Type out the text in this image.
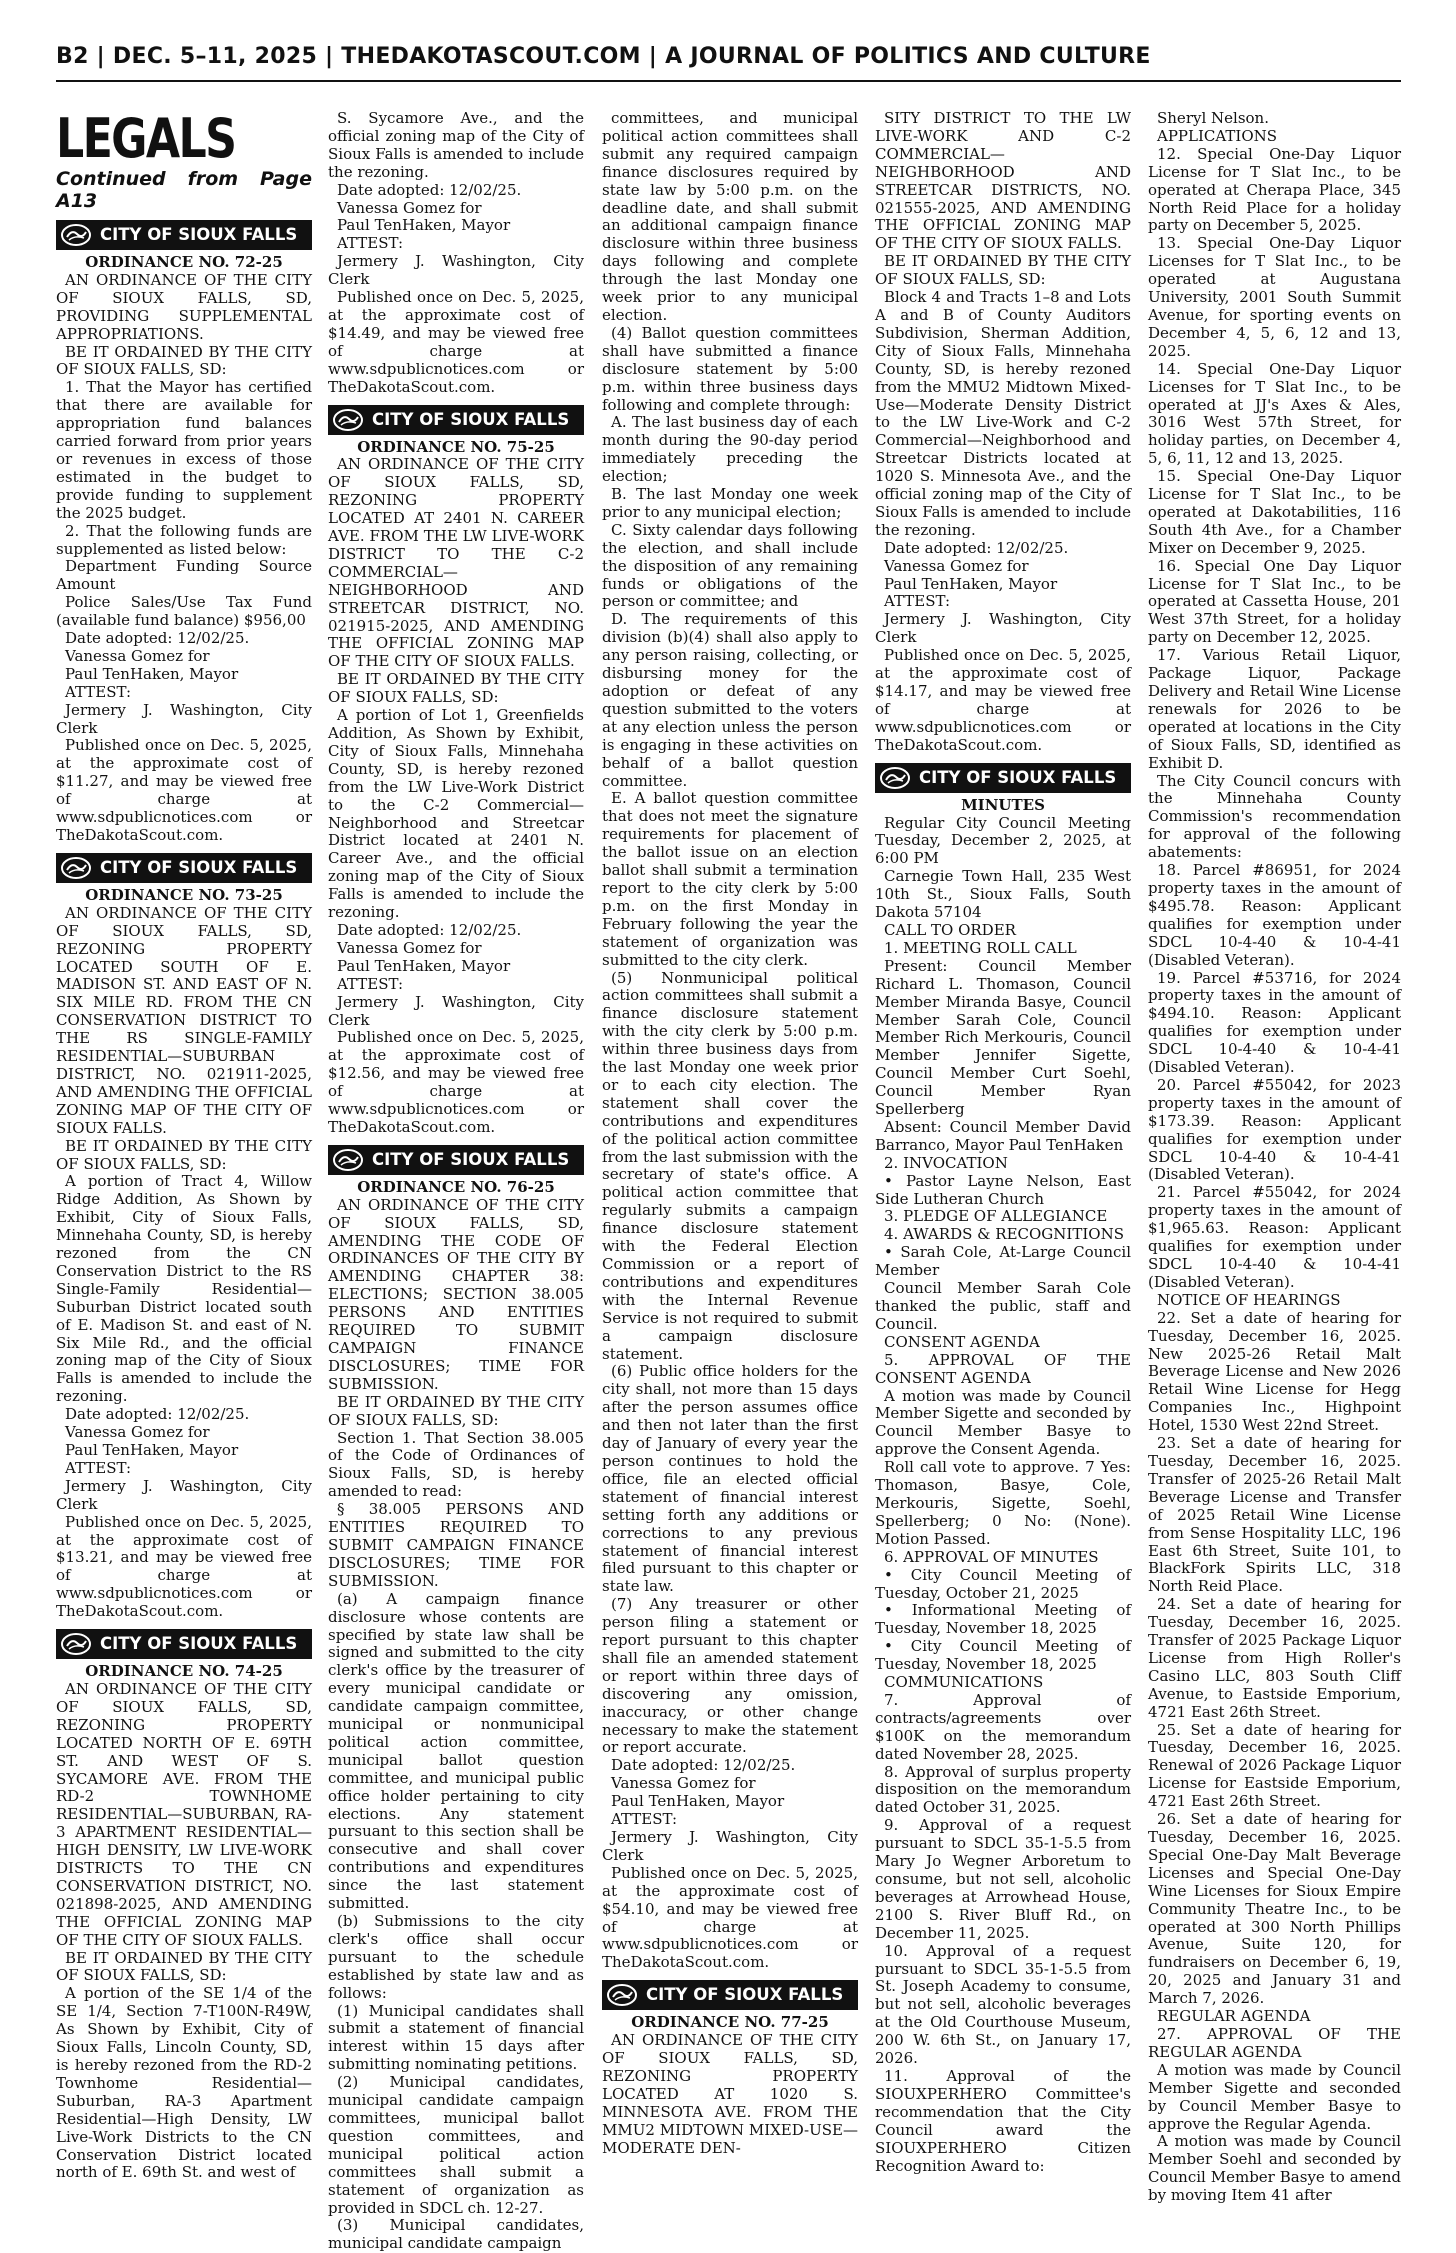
B2 | DEC. 5–11, 2025 | THEDAKOTASCOUT.COM | A JOURNAL OF POLITICS AND CULTURE
LEGALS
Continued from Page A13
CITY OF SIOUX FALLS
ORDINANCE NO. 72-25

AN ORDINANCE OF THE CITY OF SIOUX FALLS, SD, PROVIDING SUPPLEMENTAL APPROPRIATIONS.

BE IT ORDAINED BY THE CITY OF SIOUX FALLS, SD:

1. That the Mayor has certified that there are available for appropriation fund balances carried forward from prior years or revenues in excess of those estimated in the budget to provide funding to supplement the 2025 budget.

2. That the following funds are supplemented as listed below:

Department Funding Source Amount

Police Sales/Use Tax Fund (available fund balance) $956,00

Date adopted: 12/02/25.

Vanessa Gomez for

Paul TenHaken, Mayor

ATTEST:

Jermery J. Washington, City Clerk

Published once on Dec. 5, 2025, at the approximate cost of $11.27, and may be viewed free of charge at www.sdpublicnotices.com or TheDakotaScout.com.

CITY OF SIOUX FALLS
ORDINANCE NO. 73-25

AN ORDINANCE OF THE CITY OF SIOUX FALLS, SD, REZONING PROPERTY LOCATED SOUTH OF E. MADISON ST. AND EAST OF N. SIX MILE RD. FROM THE CN CONSERVATION DISTRICT TO THE RS SINGLE-FAMILY RESIDENTIAL—SUBURBAN DISTRICT, NO. 021911-2025, AND AMENDING THE OFFICIAL ZONING MAP OF THE CITY OF SIOUX FALLS.

BE IT ORDAINED BY THE CITY OF SIOUX FALLS, SD:

A portion of Tract 4, Willow Ridge Addition, As Shown by Exhibit, City of Sioux Falls, Minnehaha County, SD, is hereby rezoned from the CN Conservation District to the RS Single-Family Residential—Suburban District located south of E. Madison St. and east of N. Six Mile Rd., and the official zoning map of the City of Sioux Falls is amended to include the rezoning.

Date adopted: 12/02/25.

Vanessa Gomez for

Paul TenHaken, Mayor

ATTEST:

Jermery J. Washington, City Clerk

Published once on Dec. 5, 2025, at the approximate cost of $13.21, and may be viewed free of charge at www.sdpublicnotices.com or TheDakotaScout.com.

CITY OF SIOUX FALLS
ORDINANCE NO. 74-25

AN ORDINANCE OF THE CITY OF SIOUX FALLS, SD, REZONING PROPERTY LOCATED NORTH OF E. 69TH ST. AND WEST OF S. SYCAMORE AVE. FROM THE RD-2 TOWNHOME RESIDENTIAL—SUBURBAN, RA-3 APARTMENT RESIDENTIAL—HIGH DENSITY, LW LIVE-WORK DISTRICTS TO THE CN CONSERVATION DISTRICT, NO. 021898-2025, AND AMENDING THE OFFICIAL ZONING MAP OF THE CITY OF SIOUX FALLS.

BE IT ORDAINED BY THE CITY OF SIOUX FALLS, SD:

A portion of the SE 1/4 of the SE 1/4, Section 7-T100N-R49W, As Shown by Exhibit, City of Sioux Falls, Lincoln County, SD, is hereby rezoned from the RD-2 Townhome Residential—Suburban, RA-3 Apartment Residential—High Density, LW Live-Work Districts to the CN Conservation District located north of E. 69th St. and west of

S. Sycamore Ave., and the official zoning map of the City of Sioux Falls is amended to include the rezoning.

Date adopted: 12/02/25.

Vanessa Gomez for

Paul TenHaken, Mayor

ATTEST:

Jermery J. Washington, City Clerk

Published once on Dec. 5, 2025, at the approximate cost of $14.49, and may be viewed free of charge at www.sdpublicnotices.com or TheDakotaScout.com.

CITY OF SIOUX FALLS
ORDINANCE NO. 75-25

AN ORDINANCE OF THE CITY OF SIOUX FALLS, SD, REZONING PROPERTY LOCATED AT 2401 N. CAREER AVE. FROM THE LW LIVE-WORK DISTRICT TO THE C-2 COMMERCIAL—NEIGHBORHOOD AND STREETCAR DISTRICT, NO. 021915-2025, AND AMENDING THE OFFICIAL ZONING MAP OF THE CITY OF SIOUX FALLS.

BE IT ORDAINED BY THE CITY OF SIOUX FALLS, SD:

A portion of Lot 1, Greenfields Addition, As Shown by Exhibit, City of Sioux Falls, Minnehaha County, SD, is hereby rezoned from the LW Live-Work District to the C-2 Commercial—Neighborhood and Streetcar District located at 2401 N. Career Ave., and the official zoning map of the City of Sioux Falls is amended to include the rezoning.

Date adopted: 12/02/25.

Vanessa Gomez for

Paul TenHaken, Mayor

ATTEST:

Jermery J. Washington, City Clerk

Published once on Dec. 5, 2025, at the approximate cost of $12.56, and may be viewed free of charge at www.sdpublicnotices.com or TheDakotaScout.com.

CITY OF SIOUX FALLS
ORDINANCE NO. 76-25

AN ORDINANCE OF THE CITY OF SIOUX FALLS, SD, AMENDING THE CODE OF ORDINANCES OF THE CITY BY AMENDING CHAPTER 38: ELECTIONS; SECTION 38.005 PERSONS AND ENTITIES REQUIRED TO SUBMIT CAMPAIGN FINANCE DISCLOSURES; TIME FOR SUBMISSION.

BE IT ORDAINED BY THE CITY OF SIOUX FALLS, SD:

Section 1. That Section 38.005 of the Code of Ordinances of Sioux Falls, SD, is hereby amended to read:

§ 38.005 PERSONS AND ENTITIES REQUIRED TO SUBMIT CAMPAIGN FINANCE DISCLOSURES; TIME FOR SUBMISSION.

(a) A campaign finance disclosure whose contents are specified by state law shall be signed and submitted to the city clerk's office by the treasurer of every municipal candidate or candidate campaign committee, municipal or nonmunicipal political action committee, municipal ballot question committee, and municipal public office holder pertaining to city elections. Any statement pursuant to this section shall be consecutive and shall cover contributions and expenditures since the last statement submitted.

(b) Submissions to the city clerk's office shall occur pursuant to the schedule established by state law and as follows:

(1) Municipal candidates shall submit a statement of financial interest within 15 days after submitting nominating petitions.

(2) Municipal candidates, municipal candidate campaign committees, municipal ballot question committees, and municipal political action committees shall submit a statement of organization as provided in SDCL ch. 12-27.

(3) Municipal candidates, municipal candidate campaign

committees, and municipal political action committees shall submit any required campaign finance disclosures required by state law by 5:00 p.m. on the deadline date, and shall submit an additional campaign finance disclosure within three business days following and complete through the last Monday one week prior to any municipal election.

(4) Ballot question committees shall have submitted a finance disclosure statement by 5:00 p.m. within three business days following and complete through:

A. The last business day of each month during the 90-day period immediately preceding the election;

B. The last Monday one week prior to any municipal election;

C. Sixty calendar days following the election, and shall include the disposition of any remaining funds or obligations of the person or committee; and

D. The requirements of this division (b)(4) shall also apply to any person raising, collecting, or disbursing money for the adoption or defeat of any question submitted to the voters at any election unless the person is engaging in these activities on behalf of a ballot question committee.

E. A ballot question committee that does not meet the signature requirements for placement of the ballot issue on an election ballot shall submit a termination report to the city clerk by 5:00 p.m. on the first Monday in February following the year the statement of organization was submitted to the city clerk.

(5) Nonmunicipal political action committees shall submit a finance disclosure statement with the city clerk by 5:00 p.m. within three business days from the last Monday one week prior or to each city election. The statement shall cover the contributions and expenditures of the political action committee from the last submission with the secretary of state's office. A political action committee that regularly submits a campaign finance disclosure statement with the Federal Election Commission or a report of contributions and expenditures with the Internal Revenue Service is not required to submit a campaign disclosure statement.

(6) Public office holders for the city shall, not more than 15 days after the person assumes office and then not later than the first day of January of every year the person continues to hold the office, file an elected official statement of financial interest setting forth any additions or corrections to any previous statement of financial interest filed pursuant to this chapter or state law.

(7) Any treasurer or other person filing a statement or report pursuant to this chapter shall file an amended statement or report within three days of discovering any omission, inaccuracy, or other change necessary to make the statement or report accurate.

Date adopted: 12/02/25.

Vanessa Gomez for

Paul TenHaken, Mayor

ATTEST:

Jermery J. Washington, City Clerk

Published once on Dec. 5, 2025, at the approximate cost of $54.10, and may be viewed free of charge at www.sdpublicnotices.com or TheDakotaScout.com.

CITY OF SIOUX FALLS
ORDINANCE NO. 77-25

AN ORDINANCE OF THE CITY OF SIOUX FALLS, SD, REZONING PROPERTY LOCATED AT 1020 S. MINNESOTA AVE. FROM THE MMU2 MIDTOWN MIXED-USE—MODERATE DEN-

SITY DISTRICT TO THE LW LIVE-WORK AND C-2 COMMERCIAL—NEIGHBORHOOD AND STREETCAR DISTRICTS, NO. 021555-2025, AND AMENDING THE OFFICIAL ZONING MAP OF THE CITY OF SIOUX FALLS.

BE IT ORDAINED BY THE CITY OF SIOUX FALLS, SD:

Block 4 and Tracts 1–8 and Lots A and B of County Auditors Subdivision, Sherman Addition, City of Sioux Falls, Minnehaha County, SD, is hereby rezoned from the MMU2 Midtown Mixed-Use—Moderate Density District to the LW Live-Work and C-2 Commercial—Neighborhood and Streetcar Districts located at 1020 S. Minnesota Ave., and the official zoning map of the City of Sioux Falls is amended to include the rezoning.

Date adopted: 12/02/25.

Vanessa Gomez for

Paul TenHaken, Mayor

ATTEST:

Jermery J. Washington, City Clerk

Published once on Dec. 5, 2025, at the approximate cost of $14.17, and may be viewed free of charge at www.sdpublicnotices.com or TheDakotaScout.com.

CITY OF SIOUX FALLS
MINUTES

Regular City Council Meeting Tuesday, December 2, 2025, at 6:00 PM

Carnegie Town Hall, 235 West 10th St., Sioux Falls, South Dakota 57104

CALL TO ORDER

1. MEETING ROLL CALL

Present: Council Member Richard L. Thomason, Council Member Miranda Basye, Council Member Sarah Cole, Council Member Rich Merkouris, Council Member Jennifer Sigette, Council Member Curt Soehl, Council Member Ryan Spellerberg

Absent: Council Member David Barranco, Mayor Paul TenHaken

2. INVOCATION

• Pastor Layne Nelson, East Side Lutheran Church

3. PLEDGE OF ALLEGIANCE

4. AWARDS & RECOGNITIONS

• Sarah Cole, At-Large Council Member

Council Member Sarah Cole thanked the public, staff and Council.

CONSENT AGENDA

5. APPROVAL OF THE CONSENT AGENDA

A motion was made by Council Member Sigette and seconded by Council Member Basye to approve the Consent Agenda.

Roll call vote to approve. 7 Yes: Thomason, Basye, Cole, Merkouris, Sigette, Soehl, Spellerberg; 0 No: (None). Motion Passed.

6. APPROVAL OF MINUTES

• City Council Meeting of Tuesday, October 21, 2025

• Informational Meeting of Tuesday, November 18, 2025

• City Council Meeting of Tuesday, November 18, 2025

COMMUNICATIONS

7. Approval of contracts/agreements over $100K on the memorandum dated November 28, 2025.

8. Approval of surplus property disposition on the memorandum dated October 31, 2025.

9. Approval of a request pursuant to SDCL 35-1-5.5 from Mary Jo Wegner Arboretum to consume, but not sell, alcoholic beverages at Arrowhead House, 2100 S. River Bluff Rd., on December 11, 2025.

10. Approval of a request pursuant to SDCL 35-1-5.5 from St. Joseph Academy to consume, but not sell, alcoholic beverages at the Old Courthouse Museum, 200 W. 6th St., on January 17, 2026.

11. Approval of the SIOUXPERHERO Committee's recommendation that the City Council award the SIOUXPERHERO Citizen Recognition Award to:

Sheryl Nelson.

APPLICATIONS

12. Special One-Day Liquor License for T Slat Inc., to be operated at Cherapa Place, 345 North Reid Place for a holiday party on December 5, 2025.

13. Special One-Day Liquor Licenses for T Slat Inc., to be operated at Augustana University, 2001 South Summit Avenue, for sporting events on December 4, 5, 6, 12 and 13, 2025.

14. Special One-Day Liquor Licenses for T Slat Inc., to be operated at JJ's Axes & Ales, 3016 West 57th Street, for holiday parties, on December 4, 5, 6, 11, 12 and 13, 2025.

15. Special One-Day Liquor License for T Slat Inc., to be operated at Dakotabilities, 116 South 4th Ave., for a Chamber Mixer on December 9, 2025.

16. Special One Day Liquor License for T Slat Inc., to be operated at Cassetta House, 201 West 37th Street, for a holiday party on December 12, 2025.

17. Various Retail Liquor, Package Liquor, Package Delivery and Retail Wine License renewals for 2026 to be operated at locations in the City of Sioux Falls, SD, identified as Exhibit D.

The City Council concurs with the Minnehaha County Commission's recommendation for approval of the following abatements:

18. Parcel #86951, for 2024 property taxes in the amount of $495.78. Reason: Applicant qualifies for exemption under SDCL 10-4-40 & 10-4-41 (Disabled Veteran).

19. Parcel #53716, for 2024 property taxes in the amount of $494.10. Reason: Applicant qualifies for exemption under SDCL 10-4-40 & 10-4-41 (Disabled Veteran).

20. Parcel #55042, for 2023 property taxes in the amount of $173.39. Reason: Applicant qualifies for exemption under SDCL 10-4-40 & 10-4-41 (Disabled Veteran).

21. Parcel #55042, for 2024 property taxes in the amount of $1,965.63. Reason: Applicant qualifies for exemption under SDCL 10-4-40 & 10-4-41 (Disabled Veteran).

NOTICE OF HEARINGS

22. Set a date of hearing for Tuesday, December 16, 2025. New 2025-26 Retail Malt Beverage License and New 2026 Retail Wine License for Hegg Companies Inc., Highpoint Hotel, 1530 West 22nd Street.

23. Set a date of hearing for Tuesday, December 16, 2025. Transfer of 2025-26 Retail Malt Beverage License and Transfer of 2025 Retail Wine License from Sense Hospitality LLC, 196 East 6th Street, Suite 101, to BlackFork Spirits LLC, 318 North Reid Place.

24. Set a date of hearing for Tuesday, December 16, 2025. Transfer of 2025 Package Liquor License from High Roller's Casino LLC, 803 South Cliff Avenue, to Eastside Emporium, 4721 East 26th Street.

25. Set a date of hearing for Tuesday, December 16, 2025. Renewal of 2026 Package Liquor License for Eastside Emporium, 4721 East 26th Street.

26. Set a date of hearing for Tuesday, December 16, 2025. Special One-Day Malt Beverage Licenses and Special One-Day Wine Licenses for Sioux Empire Community Theatre Inc., to be operated at 300 North Phillips Avenue, Suite 120, for fundraisers on December 6, 19, 20, 2025 and January 31 and March 7, 2026.

REGULAR AGENDA

27. APPROVAL OF THE REGULAR AGENDA

A motion was made by Council Member Sigette and seconded by Council Member Basye to approve the Regular Agenda.

A motion was made by Council Member Soehl and seconded by Council Member Basye to amend by moving Item 41 after
